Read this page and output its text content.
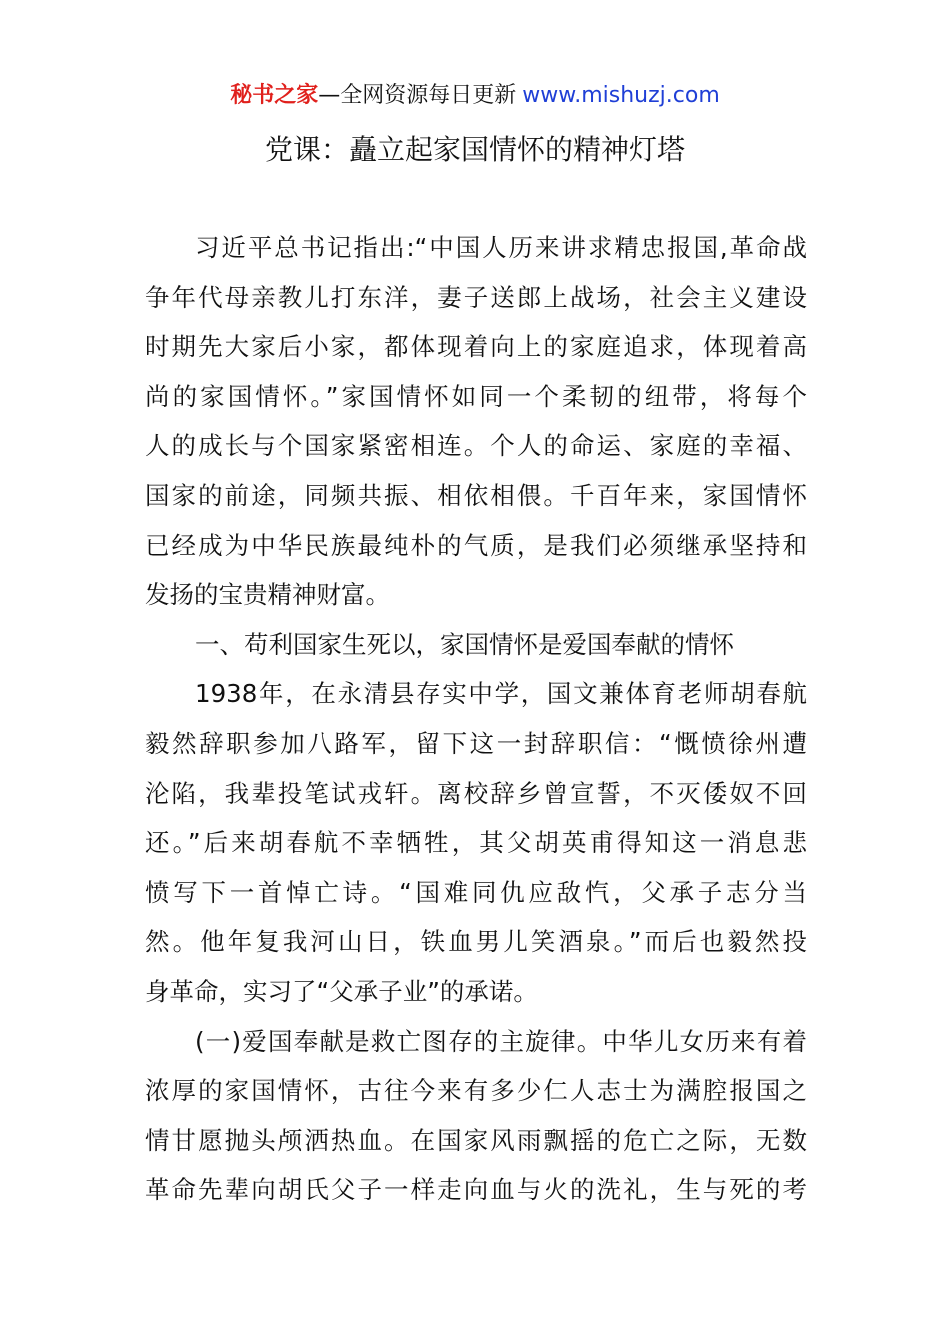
秘书之家—全网资源每日更新 www.mishuzj.com
党课：矗立起家国情怀的精神灯塔
习近平总书记指出:“中国人历来讲求精忠报国,革命战
争年代母亲教儿打东洋，妻子送郎上战场，社会主义建设
时期先大家后小家，都体现着向上的家庭追求，体现着高
尚的家国情怀。”家国情怀如同一个柔韧的纽带，将每个
人的成长与个国家紧密相连。个人的命运、家庭的幸福、
国家的前途，同频共振、相依相偎。千百年来，家国情怀
已经成为中华民族最纯朴的气质，是我们必须继承坚持和
发扬的宝贵精神财富。
一、苟利国家生死以，家国情怀是爱国奉献的情怀
1938年，在永清县存实中学，国文兼体育老师胡春航
毅然辞职参加八路军，留下这一封辞职信：“慨愤徐州遭
沦陷，我辈投笔试戎轩。离校辞乡曾宣誓，不灭倭奴不回
还。”后来胡春航不幸牺牲，其父胡英甫得知这一消息悲
愤写下一首悼亡诗。“国难同仇应敌忾，父承子志分当
然。他年复我河山日，铁血男儿笑酒泉。”而后也毅然投
身革命，实习了“父承子业”的承诺。
(一)爱国奉献是救亡图存的主旋律。中华儿女历来有着
浓厚的家国情怀，古往今来有多少仁人志士为满腔报国之
情甘愿抛头颅洒热血。在国家风雨飘摇的危亡之际，无数
革命先辈向胡氏父子一样走向血与火的洗礼，生与死的考
